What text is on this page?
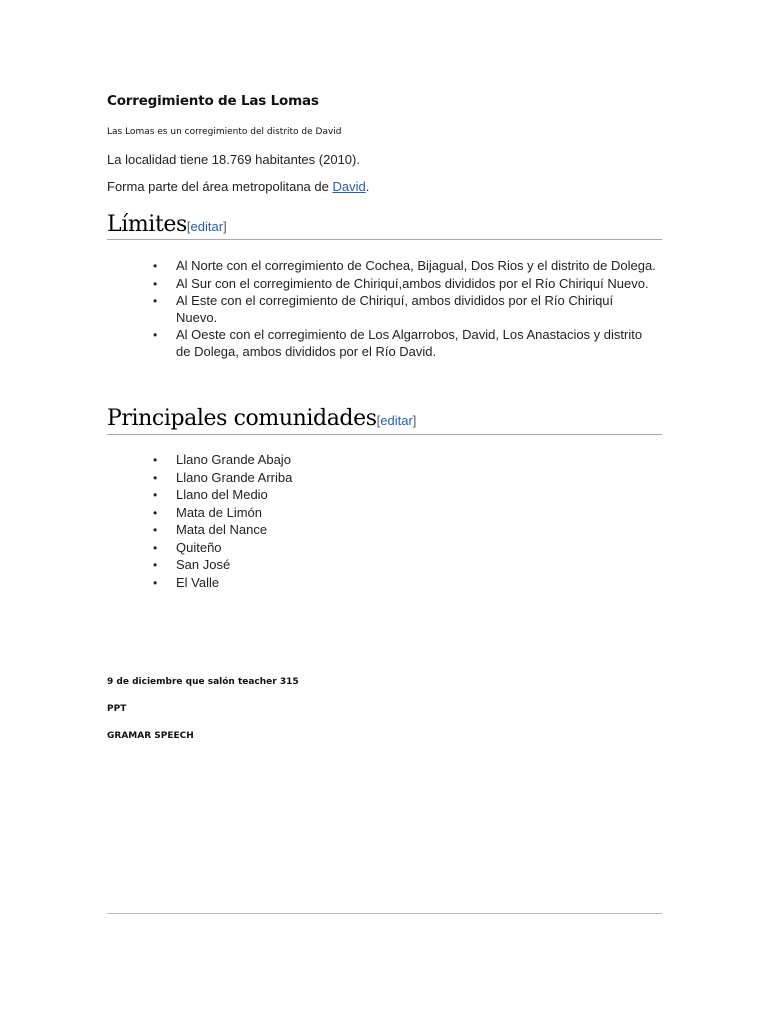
Corregimiento de Las Lomas
Las Lomas es un corregimiento del distrito de David
La localidad tiene 18.769 habitantes (2010).
Forma parte del área metropolitana de David.
Límites[editar]
• Al Norte con el corregimiento de Cochea, Bijagual, Dos Rios y el distrito de Dolega.
• Al Sur con el corregimiento de Chiriquí,ambos divididos por el Río Chiriquí Nuevo.
• Al Este con el corregimiento de Chiriquí, ambos divididos por el Río Chiriquí Nuevo.
• Al Oeste con el corregimiento de Los Algarrobos, David, Los Anastacios y distrito de Dolega, ambos divididos por el Río David.
Principales comunidades[editar]
• Llano Grande Abajo
• Llano Grande Arriba
• Llano del Medio
• Mata de Limón
• Mata del Nance
• Quiteño
• San José
• El Valle
9 de diciembre que salón teacher 315
PPT
GRAMAR SPEECH
